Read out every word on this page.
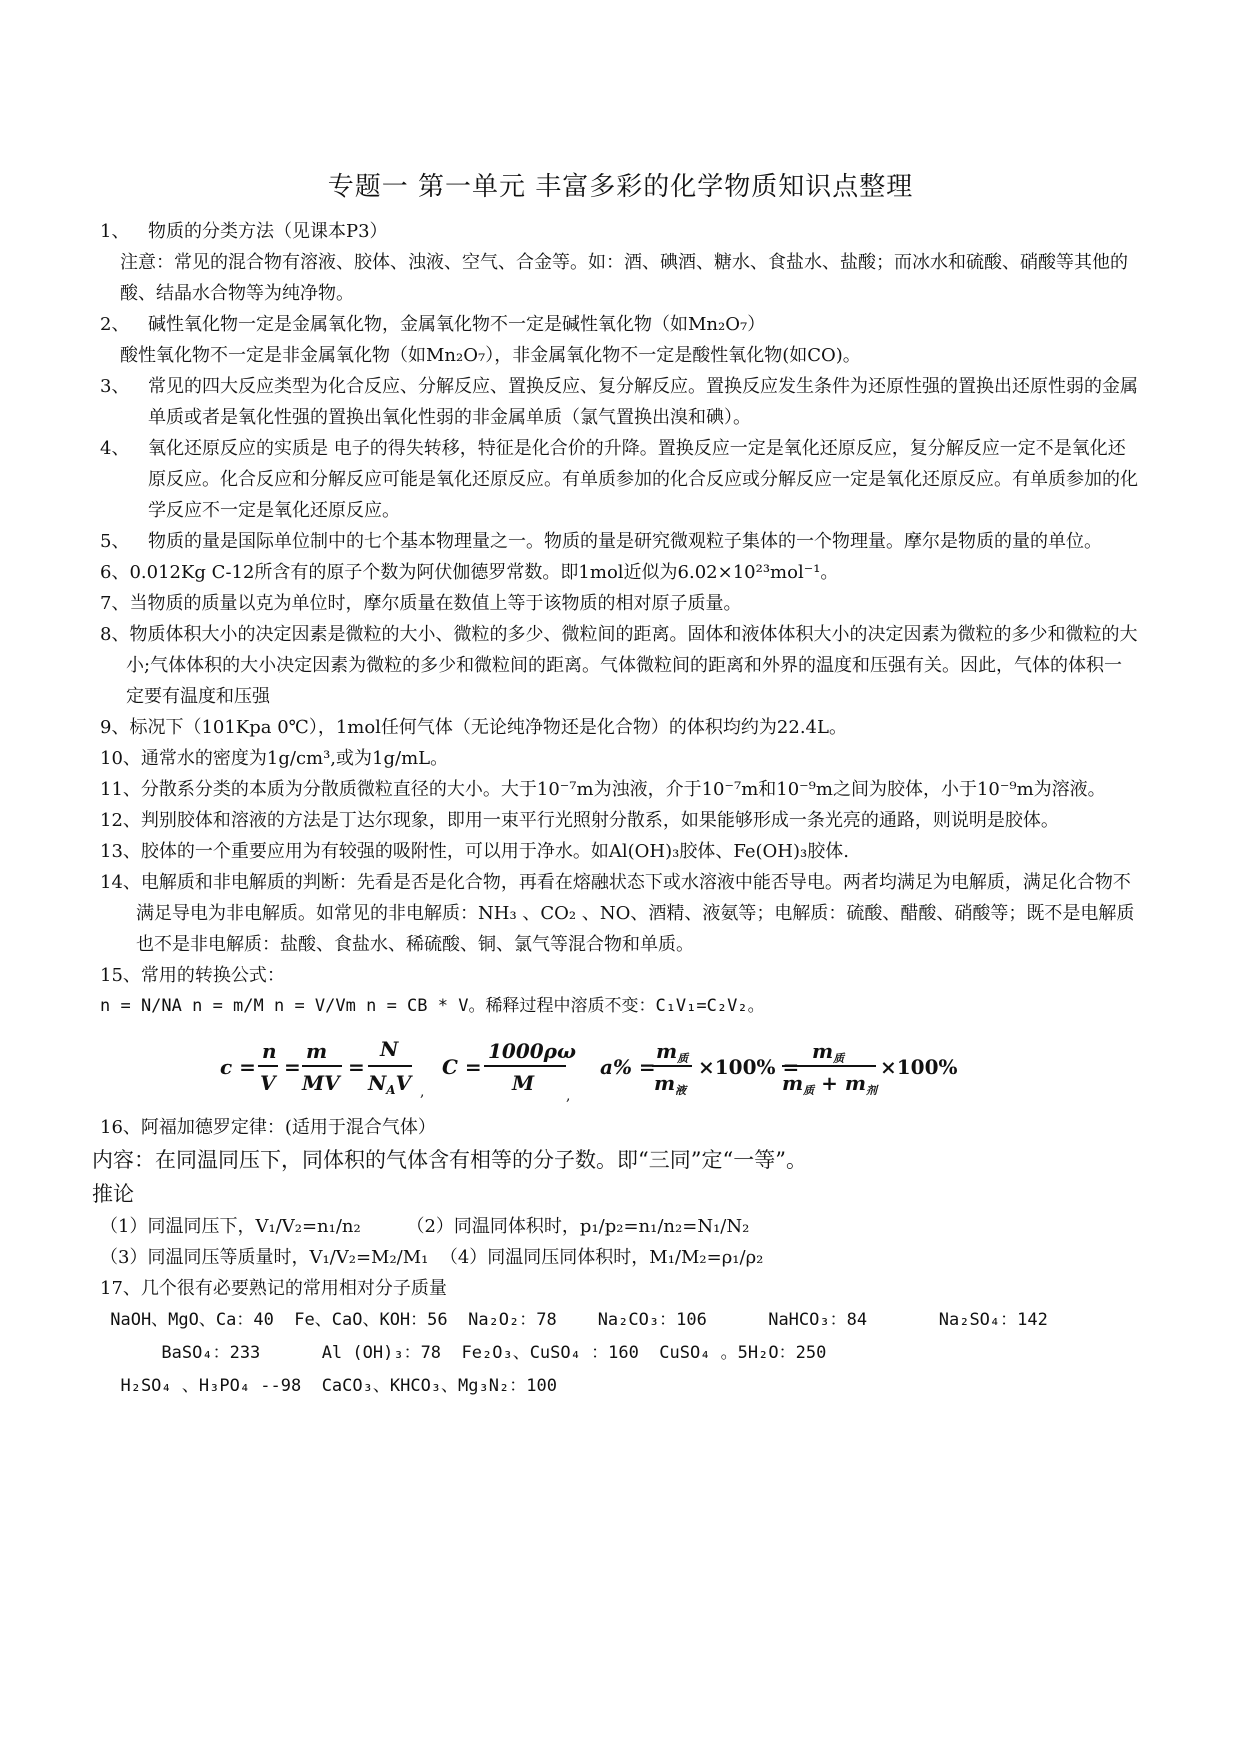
专题一 第一单元 丰富多彩的化学物质知识点整理
1、	物质的分类方法（见课本P3）
注意：常见的混合物有溶液、胶体、浊液、空气、合金等。如：酒、碘酒、糖水、食盐水、盐酸；而冰水和硫酸、硝酸等其他的酸、结晶水合物等为纯净物。
2、	碱性氧化物一定是金属氧化物，金属氧化物不一定是碱性氧化物（如Mn₂O₇）
酸性氧化物不一定是非金属氧化物（如Mn₂O₇），非金属氧化物不一定是酸性氧化物(如CO)。
3、	常见的四大反应类型为化合反应、分解反应、置换反应、复分解反应。置换反应发生条件为还原性强的置换出还原性弱的金属单质或者是氧化性强的置换出氧化性弱的非金属单质（氯气置换出溴和碘）。
4、	氧化还原反应的实质是 电子的得失转移，特征是化合价的升降。置换反应一定是氧化还原反应，复分解反应一定不是氧化还原反应。化合反应和分解反应可能是氧化还原反应。有单质参加的化合反应或分解反应一定是氧化还原反应。有单质参加的化学反应不一定是氧化还原反应。
5、	物质的量是国际单位制中的七个基本物理量之一。物质的量是研究微观粒子集体的一个物理量。摩尔是物质的量的单位。
6、0.012Kg C-12所含有的原子个数为阿伏伽德罗常数。即1mol近似为6.02×10²³mol⁻¹。
7、当物质的质量以克为单位时，摩尔质量在数值上等于该物质的相对原子质量。
8、物质体积大小的决定因素是微粒的大小、微粒的多少、微粒间的距离。固体和液体体积大小的决定因素为微粒的多少和微粒的大小;气体体积的大小决定因素为微粒的多少和微粒间的距离。气体微粒间的距离和外界的温度和压强有关。因此，气体的体积一定要有温度和压强
9、标况下（101Kpa 0℃），1mol任何气体（无论纯净物还是化合物）的体积均约为22.4L。
10、通常水的密度为1g/cm³,或为1g/mL。
11、分散系分类的本质为分散质微粒直径的大小。大于10⁻⁷m为浊液，介于10⁻⁷m和10⁻⁹m之间为胶体，小于10⁻⁹m为溶液。
12、判别胶体和溶液的方法是丁达尔现象，即用一束平行光照射分散系，如果能够形成一条光亮的通路，则说明是胶体。
13、胶体的一个重要应用为有较强的吸附性，可以用于净水。如Al(OH)₃胶体、Fe(OH)₃胶体.
14、电解质和非电解质的判断：先看是否是化合物，再看在熔融状态下或水溶液中能否导电。两者均满足为电解质，满足化合物不满足导电为非电解质。如常见的非电解质：NH₃ 、CO₂ 、NO、酒精、液氨等；电解质：硫酸、醋酸、硝酸等；既不是电解质也不是非电解质：盐酸、食盐水、稀硫酸、铜、氯气等混合物和单质。
15、常用的转换公式：
n = N/NA n = m/M n = V/Vm n = CB * V。稀释过程中溶质不变：C₁V₁=C₂V₂。
c =
n
V
=
m
MV
=
N
$N_AV$ ,
C =
1000ρω
M
,
a% =
$m_质$
$m_液$
×100% =
$m_质$
$m_质 + m_剂$
×100%
16、阿福加德罗定律：(适用于混合气体）
内容：在同温同压下，同体积的气体含有相等的分子数。即“三同”定“一等”。
推论
（1）同温同压下，V₁/V₂=n₁/n₂        （2）同温同体积时，p₁/p₂=n₁/n₂=N₁/N₂
（3）同温同压等质量时，V₁/V₂=M₂/M₁  （4）同温同压同体积时，M₁/M₂=ρ₁/ρ₂
17、几个很有必要熟记的常用相对分子质量
NaOH、MgO、Ca：40  Fe、CaO、KOH：56  Na₂O₂：78    Na₂CO₃：106      NaHCO₃：84       Na₂SO₄：142
BaSO₄：233      Al (OH)₃：78  Fe₂O₃、CuSO₄ ：160  CuSO₄ 。5H₂O：250
H₂SO₄ 、H₃PO₄ --98  CaCO₃、KHCO₃、Mg₃N₂：100
